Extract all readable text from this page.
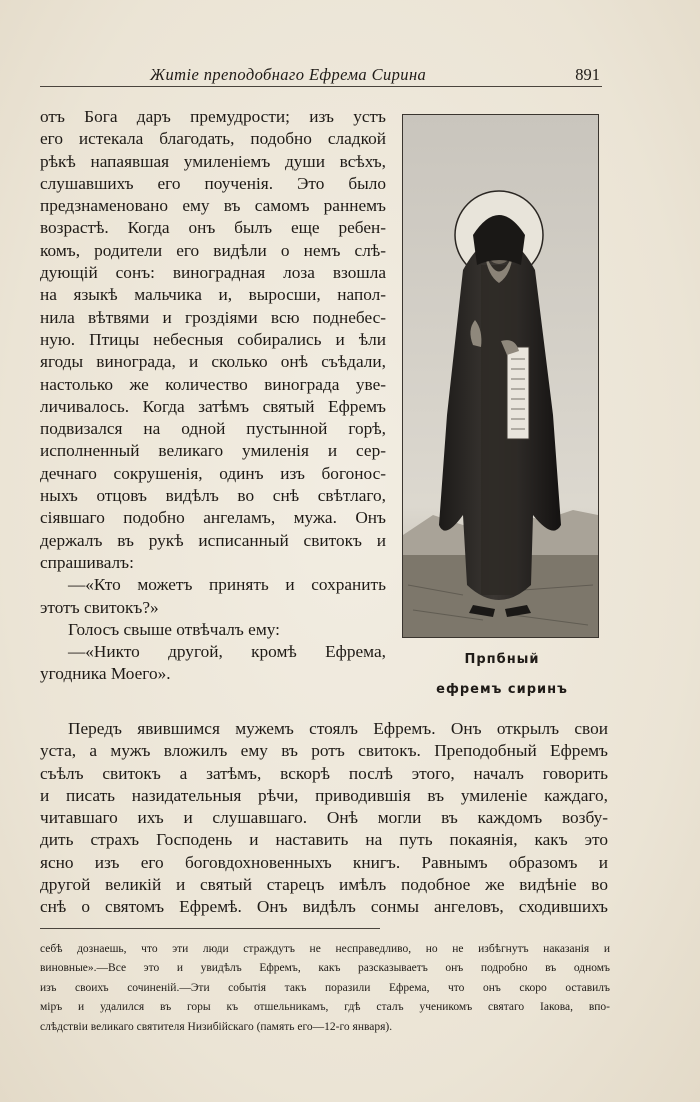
Житіе преподобнаго Ефрема Сирина	891
отъ Бога даръ премудрости; изъ устъ
его истекала благодать, подобно сладкой
рѣкѣ напаявшая умиленіемъ души всѣхъ,
слушавшихъ его поученія. Это было
предзнаменовано ему въ самомъ раннемъ
возрастѣ. Когда онъ былъ еще ребен-
комъ, родители его видѣли о немъ слѣ-
дующій сонъ: виноградная лоза взошла
на языкѣ мальчика и, выросши, напол-
нила вѣтвями и гроздіями всю поднебес-
ную. Птицы небесныя собирались и ѣли
ягоды винограда, и сколько онѣ съѣдали,
настолько же количество винограда уве-
личивалось. Когда затѣмъ святый Ефремъ
подвизался на одной пустынной горѣ,
исполненный великаго умиленія и сер-
дечнаго сокрушенія, одинъ изъ богонос-
ныхъ отцовъ видѣлъ во снѣ свѣтлаго,
сіявшаго подобно ангеламъ, мужа. Онъ
держалъ въ рукѣ исписанный свитокъ и
спрашивалъ:
—«Кто можетъ принять и сохранить
этотъ свитокъ?»
Голосъ свыше отвѣчалъ ему:
—«Никто другой, кромѣ Ефрема,
угодника Моего».
Прпбный
ефремъ сиринъ
Передъ явившимся мужемъ стоялъ Ефремъ. Онъ открылъ свои
уста, а мужъ вложилъ ему въ ротъ свитокъ. Преподобный Ефремъ
съѣлъ свитокъ а затѣмъ, вскорѣ послѣ этого, началъ говорить
и писать назидательныя рѣчи, приводившія въ умиленіе каждаго,
читавшаго ихъ и слушавшаго. Онѣ могли въ каждомъ возбу-
дить страхъ Господень и наставить на путь покаянія, какъ это
ясно изъ его боговдохновенныхъ книгъ. Равнымъ образомъ и
другой великій и святый старецъ имѣлъ подобное же видѣніе во
снѣ о святомъ Ефремѣ. Онъ видѣлъ сонмы ангеловъ, сходившихъ
себѣ дознаешь, что эти люди страждутъ не несправедливо, но не избѣгнутъ наказанія и
виновные».—Все это и увидѣлъ Ефремъ, какъ разсказываетъ онъ подробно въ одномъ
изъ своихъ сочиненій.—Эти событія такъ поразили Ефрема, что онъ скоро оставилъ
міръ и удалился въ горы къ отшельникамъ, гдѣ сталъ ученикомъ святаго Іакова, впо-
слѣдствіи великаго святителя Низибійскаго (память его—12-го января).
